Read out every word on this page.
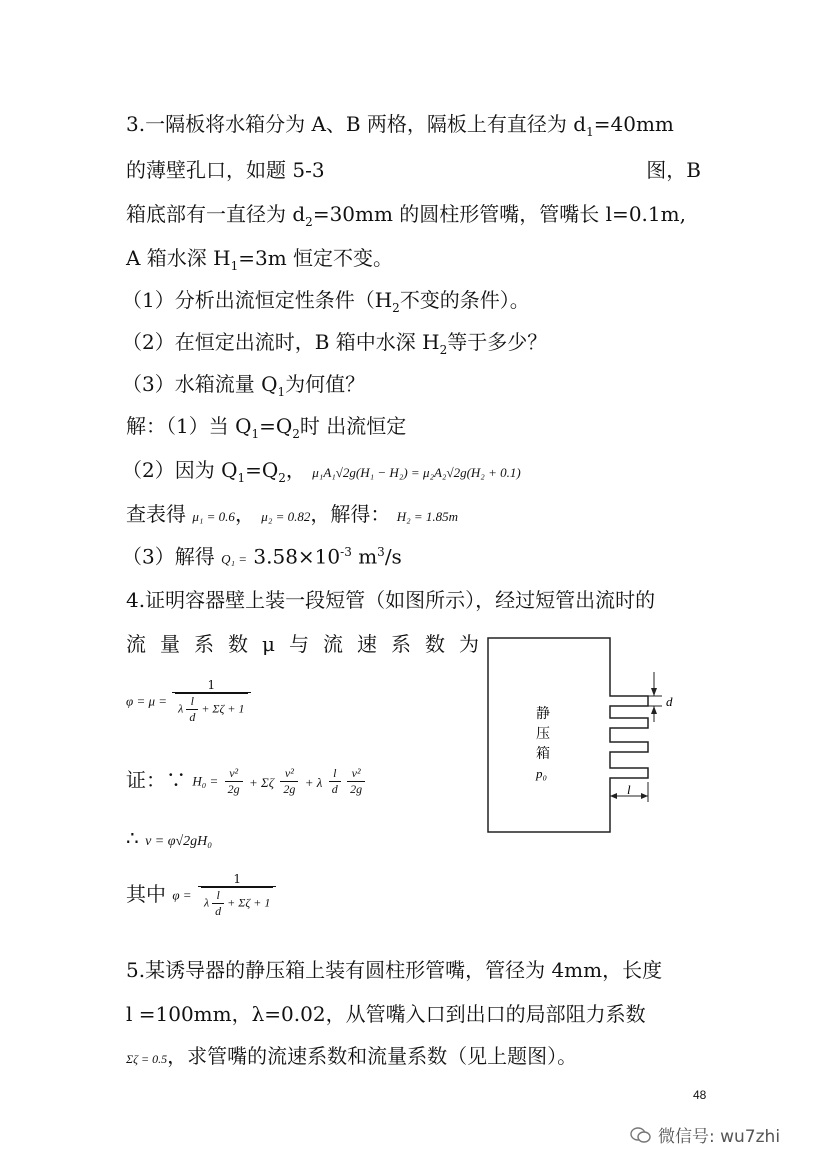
3.一隔板将水箱分为 A、B 两格，隔板上有直径为 $d_1=40mm$
的薄壁孔口，如题 5-3	图，B
箱底部有一直径为 $d_2=30mm$ 的圆柱形管嘴，管嘴长 l=0.1m,
A 箱水深 $H_1=3m$ 恒定不变。
（1）分析出流恒定性条件（$H_2$不变的条件）。
（2）在恒定出流时，B 箱中水深 $H_2$等于多少？
（3）水箱流量 $Q_1$为何值？
解：（1）当 $Q_1=Q_2$时 出流恒定
（2）因为 $Q_1=Q_2$， μ₁A₁√2g(H₁ − H₂) = μ₂A₂√2g(H₂ + 0.1)
查表得 μ₁ = 0.6， μ₂ = 0.82，解得： H₂ = 1.85m
（3）解得 $Q_1 = 3.58\times 10^{-3}$ $m^3/s$
4.证明容器壁上装一段短管（如图所示），经过短管出流时的
流量系数μ与流速系数为
$\varphi = \mu = \frac{1}{\lambda \frac{l}{d} + \Sigma\zeta + 1}$
证：∵ $H_0 = \frac{\text{v²}}{2g} + \Sigma\zeta \frac{\text{v²}}{2g} + \lambda \frac{l}{d}$
$\frac{\text{v²}}{2g}$
∴ v = φ√2gH₀
其中 $\varphi = \frac{1}{\lambda \frac{l}{d} + \Sigma\zeta + 1}$
d
l
静
压
箱
p₀
5.某诱导器的静压箱上装有圆柱形管嘴，管径为 4mm，长度
l =100mm，λ=0.02，从管嘴入口到出口的局部阻力系数
Σζ = 0.5，求管嘴的流速系数和流量系数（见上题图）。
48
微信号: wu7zhi
